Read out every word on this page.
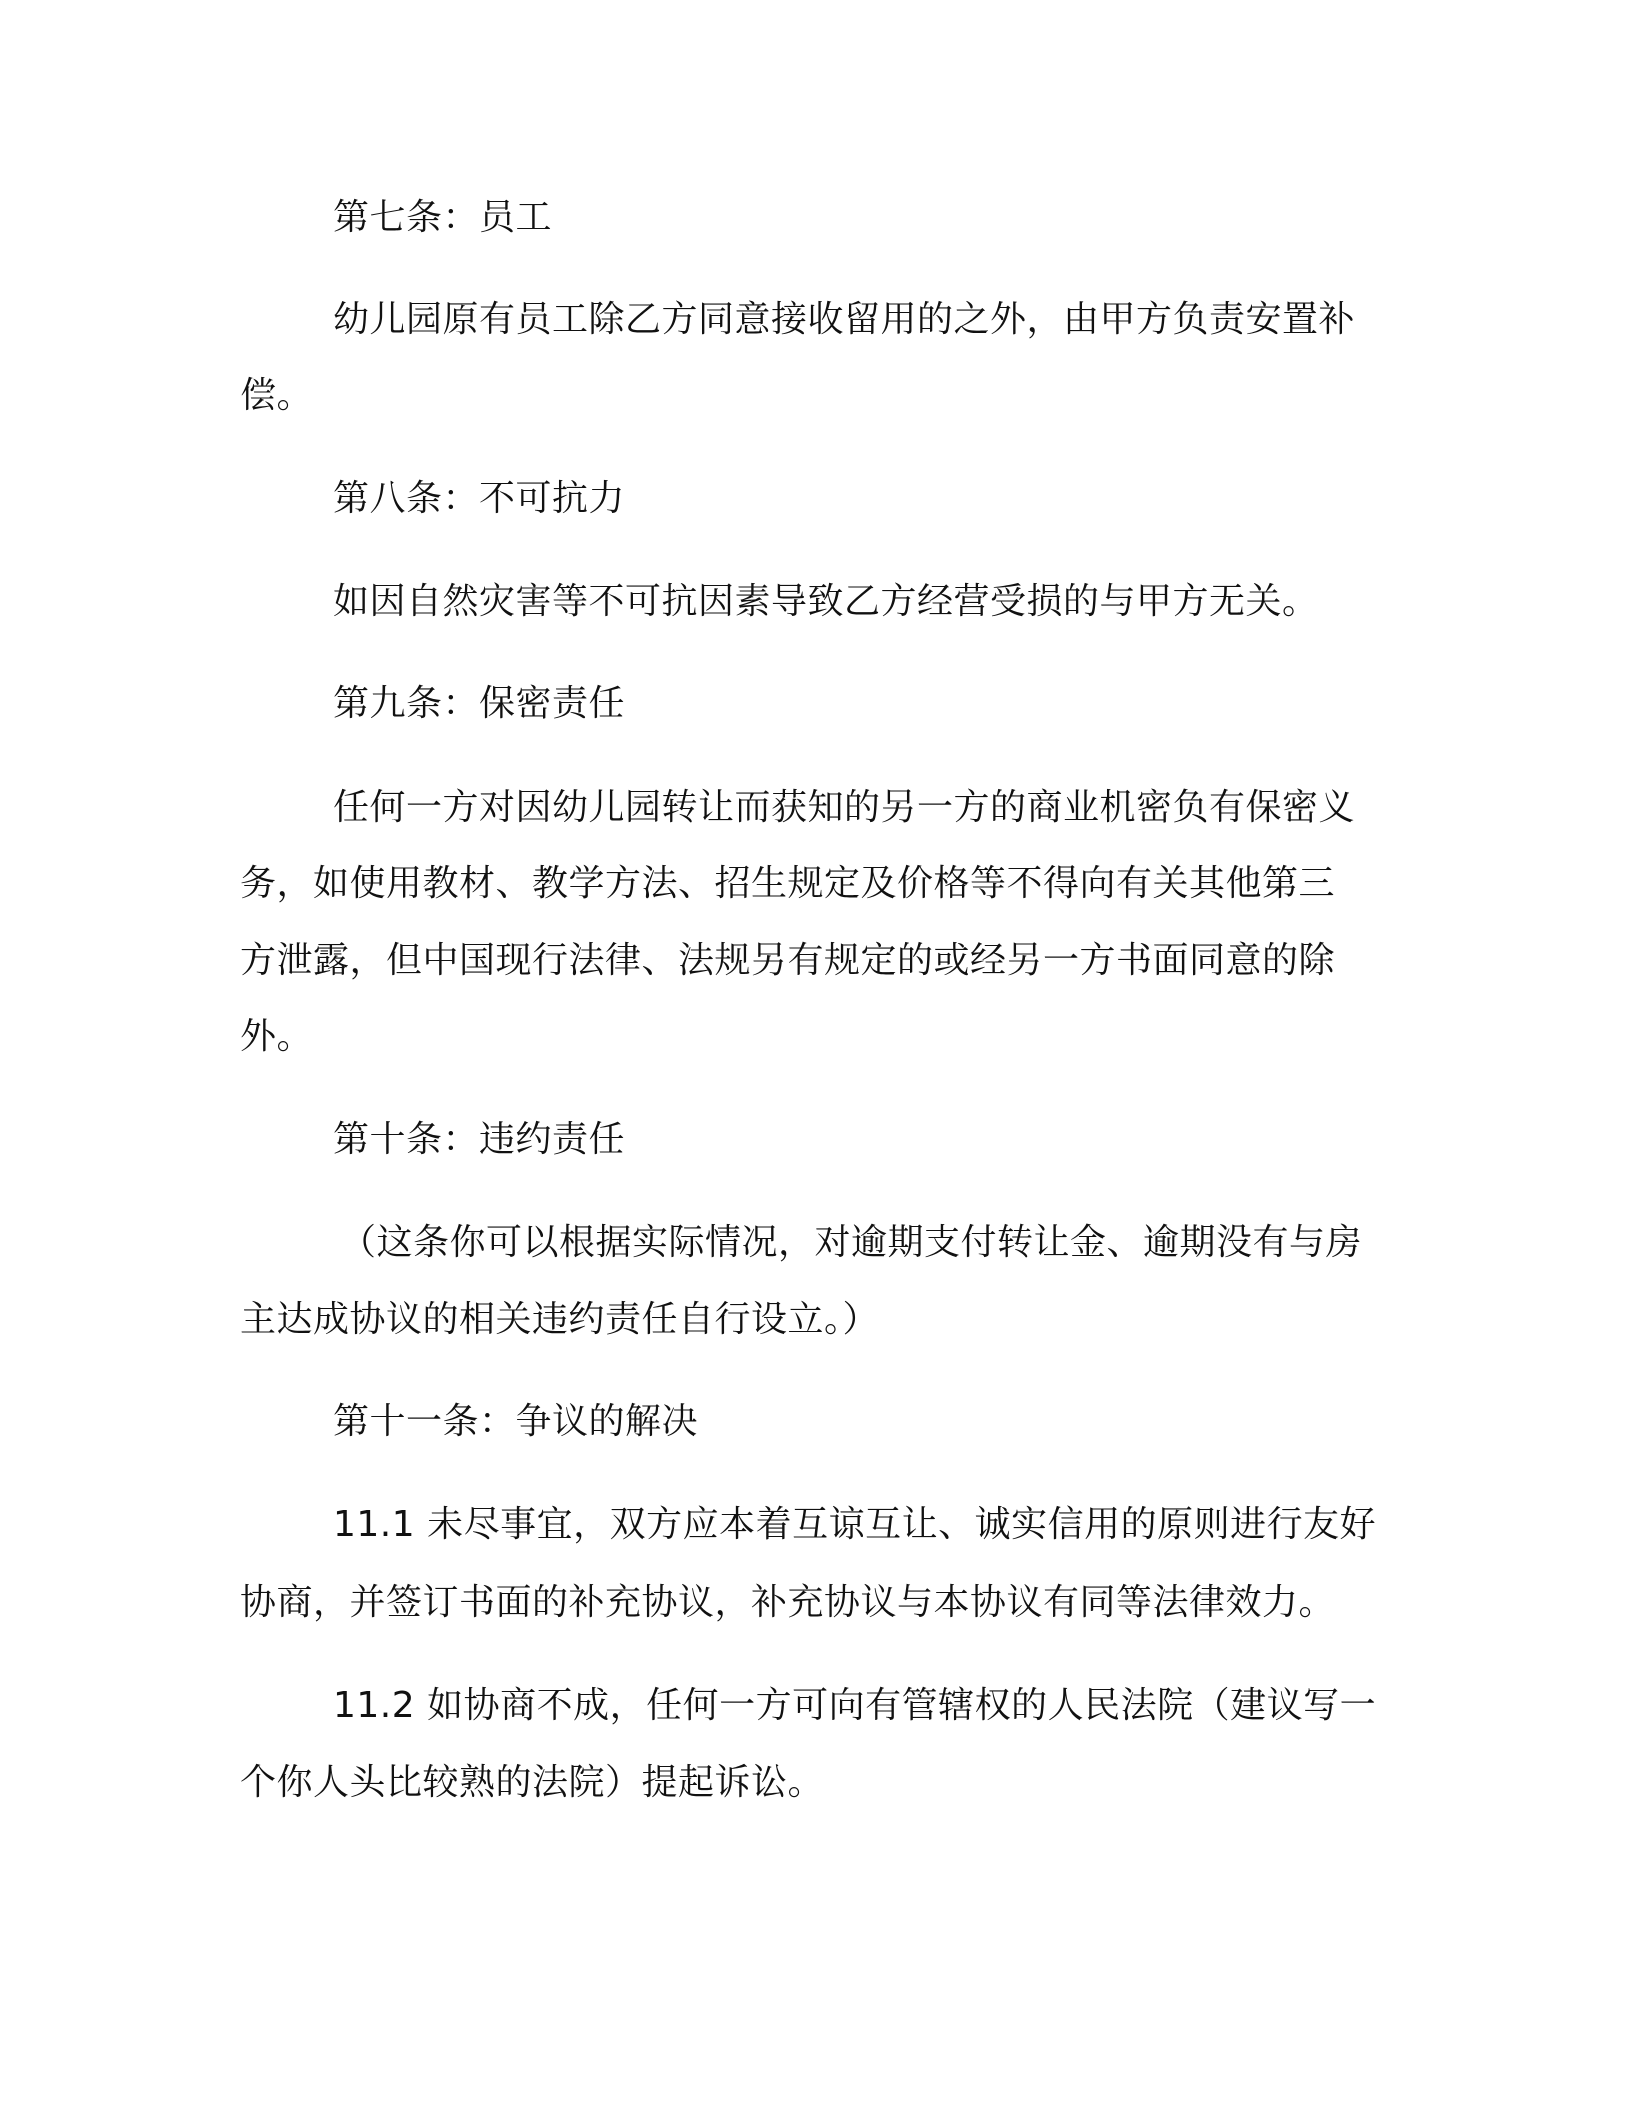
第七条：员工
幼儿园原有员工除乙方同意接收留用的之外，由甲方负责安置补
偿。
第八条：不可抗力
如因自然灾害等不可抗因素导致乙方经营受损的与甲方无关。
第九条：保密责任
任何一方对因幼儿园转让而获知的另一方的商业机密负有保密义
务，如使用教材、教学方法、招生规定及价格等不得向有关其他第三
方泄露，但中国现行法律、法规另有规定的或经另一方书面同意的除
外。
第十条：违约责任
（这条你可以根据实际情况，对逾期支付转让金、逾期没有与房
主达成协议的相关违约责任自行设立。）
第十一条：争议的解决
11.1 未尽事宜，双方应本着互谅互让、诚实信用的原则进行友好
协商，并签订书面的补充协议，补充协议与本协议有同等法律效力。
11.2 如协商不成，任何一方可向有管辖权的人民法院（建议写一
个你人头比较熟的法院）提起诉讼。
